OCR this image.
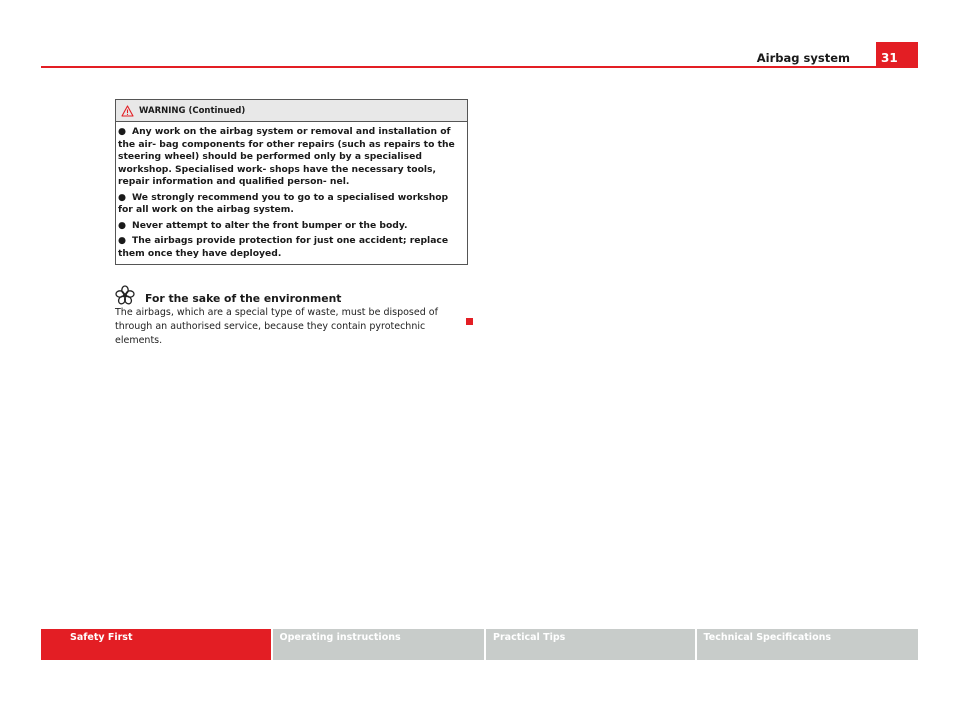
Airbag system	31
WARNING (Continued)
● Any work on the airbag system or removal and installation of the air- bag components for other repairs (such as repairs to the steering wheel) should be performed only by a specialised workshop. Specialised work- shops have the necessary tools, repair information and qualified person- nel.
● We strongly recommend you to go to a specialised workshop for all work on the airbag system.
● Never attempt to alter the front bumper or the body.
● The airbags provide protection for just one accident; replace them once they have deployed.
For the sake of the environment
The airbags, which are a special type of waste, must be disposed of through an authorised service, because they contain pyrotechnic elements.
Safety First	Operating instructions	Practical Tips	Technical Specifications
